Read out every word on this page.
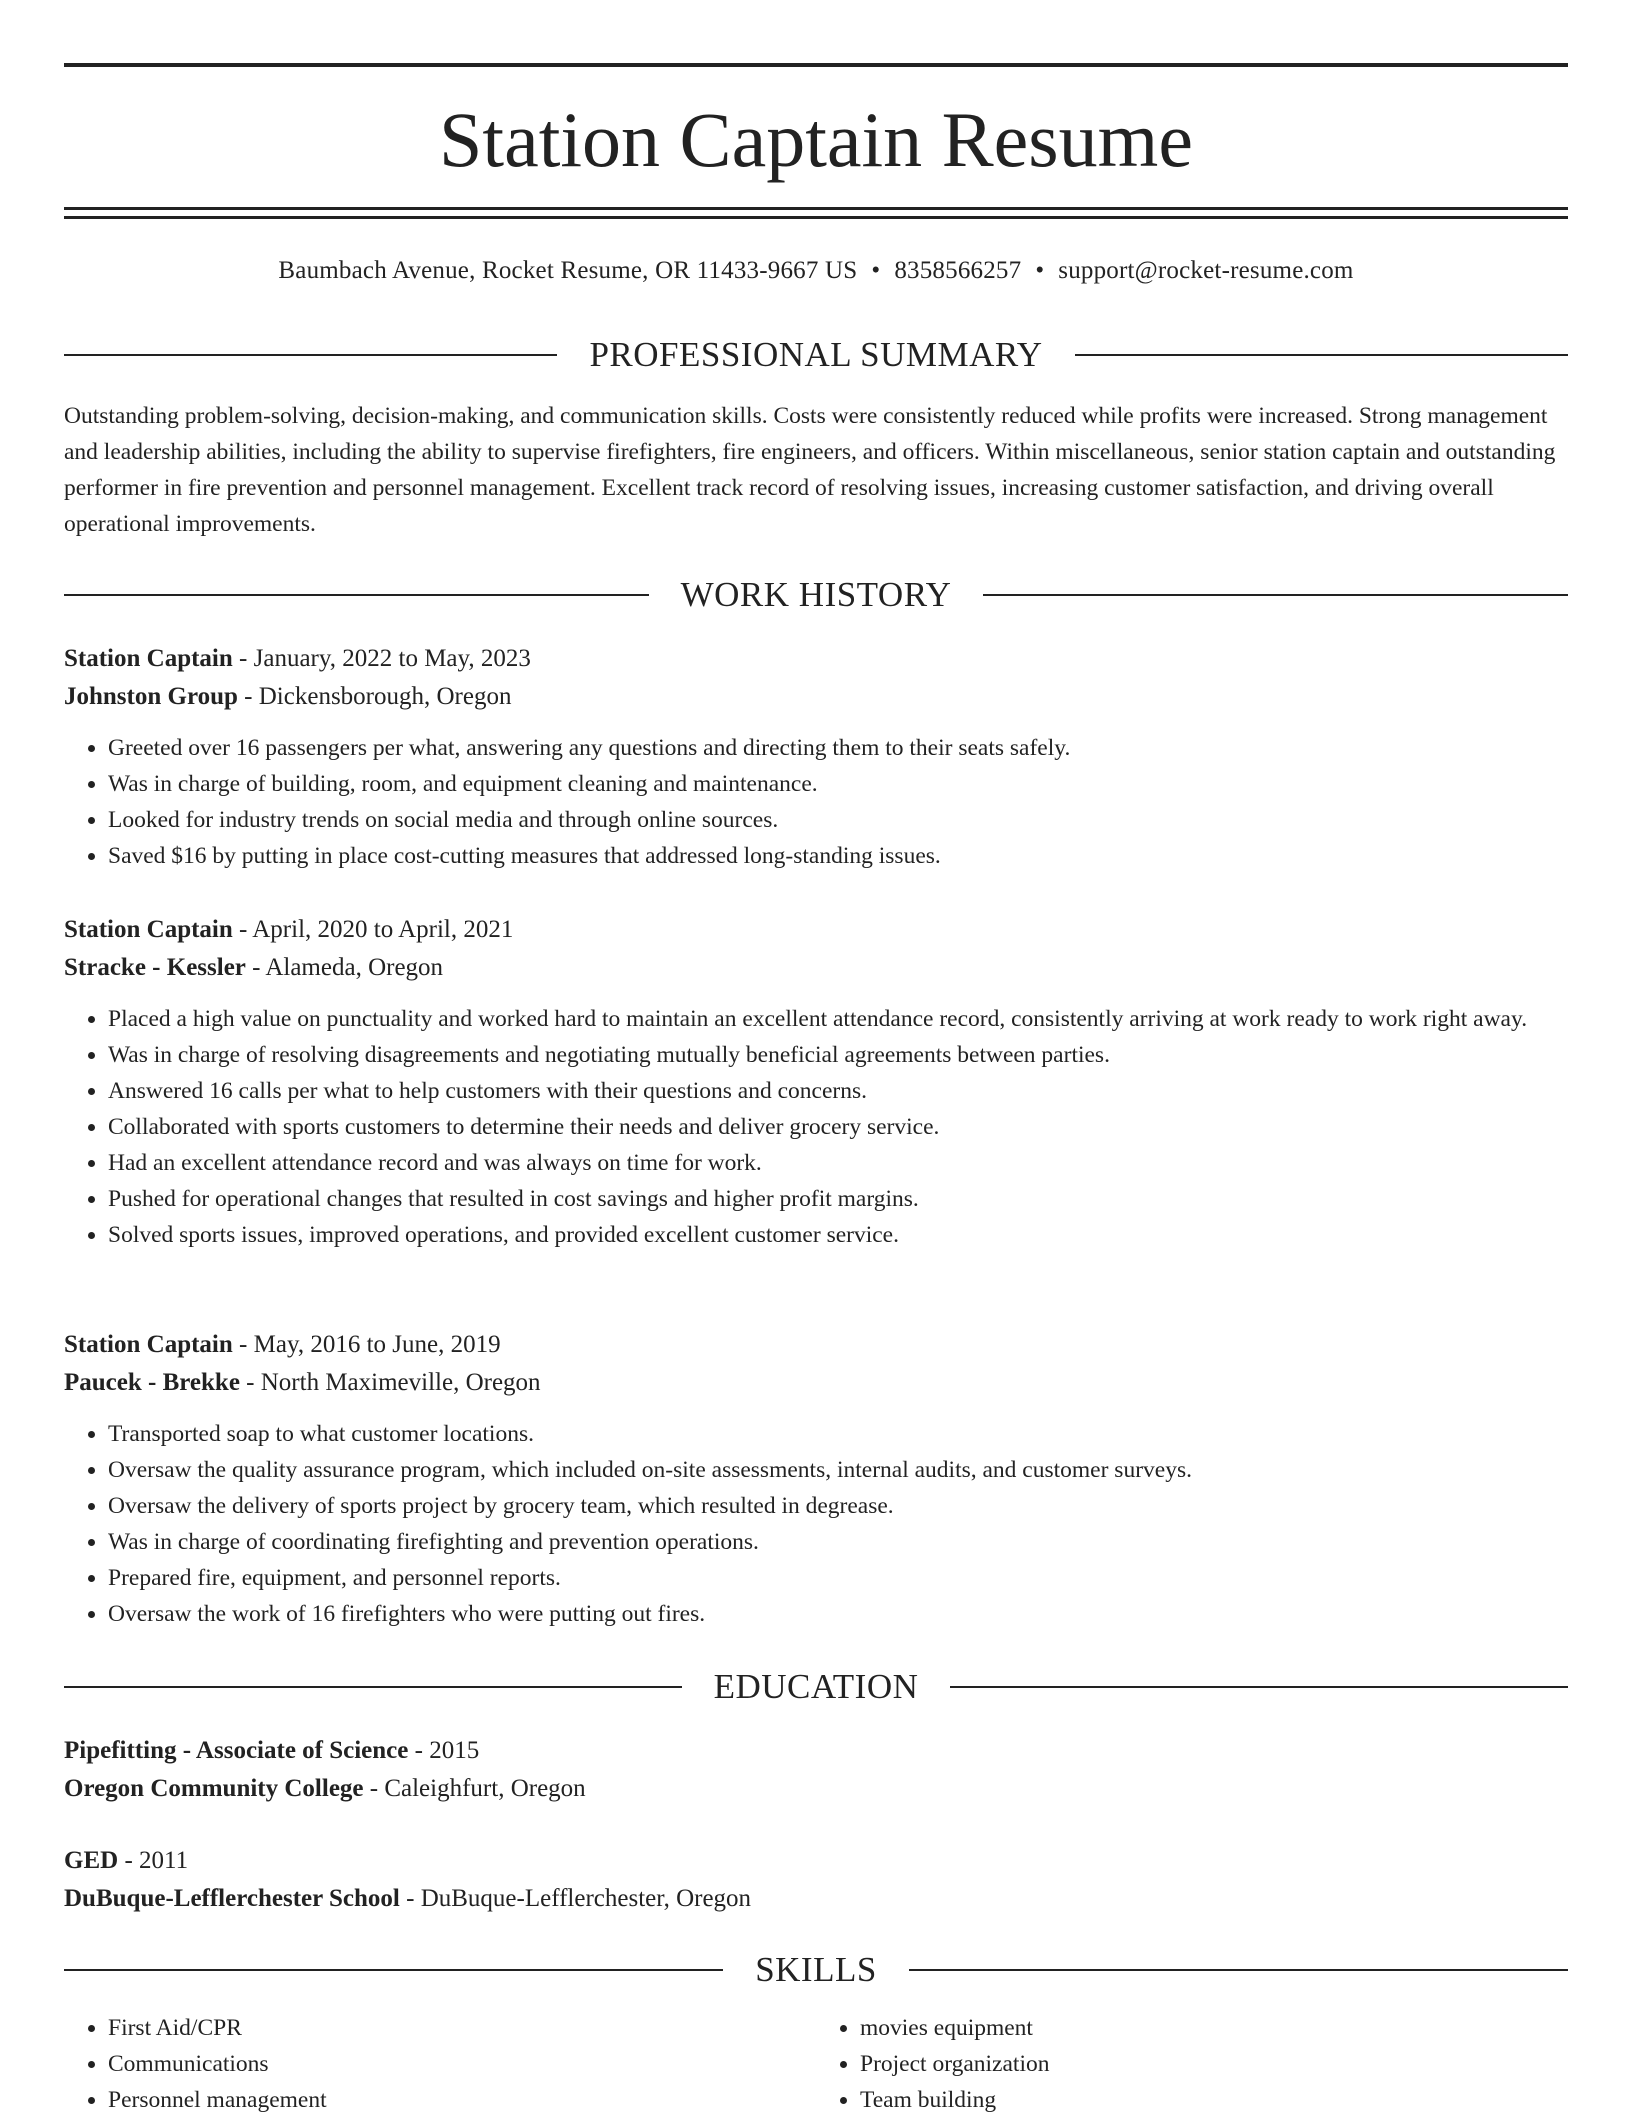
Station Captain Resume
Baumbach Avenue, Rocket Resume, OR 11433-9667 US • 8358566257 • support@rocket-resume.com
PROFESSIONAL SUMMARY

Outstanding problem-solving, decision-making, and communication skills. Costs were consistently reduced while profits were increased. Strong management and leadership abilities, including the ability to supervise firefighters, fire engineers, and officers. Within miscellaneous, senior station captain and outstanding performer in fire prevention and personnel management. Excellent track record of resolving issues, increasing customer satisfaction, and driving overall operational improvements.

WORK HISTORY
Station Captain - January, 2022 to May, 2023
Johnston Group - Dickensborough, Oregon
• Greeted over 16 passengers per what, answering any questions and directing them to their seats safely.
• Was in charge of building, room, and equipment cleaning and maintenance.
• Looked for industry trends on social media and through online sources.
• Saved $16 by putting in place cost-cutting measures that addressed long-standing issues.
Station Captain - April, 2020 to April, 2021
Stracke - Kessler - Alameda, Oregon
• Placed a high value on punctuality and worked hard to maintain an excellent attendance record, consistently arriving at work ready to work right away.
• Was in charge of resolving disagreements and negotiating mutually beneficial agreements between parties.
• Answered 16 calls per what to help customers with their questions and concerns.
• Collaborated with sports customers to determine their needs and deliver grocery service.
• Had an excellent attendance record and was always on time for work.
• Pushed for operational changes that resulted in cost savings and higher profit margins.
• Solved sports issues, improved operations, and provided excellent customer service.
Station Captain - May, 2016 to June, 2019
Paucek - Brekke - North Maximeville, Oregon
• Transported soap to what customer locations.
• Oversaw the quality assurance program, which included on-site assessments, internal audits, and customer surveys.
• Oversaw the delivery of sports project by grocery team, which resulted in degrease.
• Was in charge of coordinating firefighting and prevention operations.
• Prepared fire, equipment, and personnel reports.
• Oversaw the work of 16 firefighters who were putting out fires.
EDUCATION
Pipefitting - Associate of Science - 2015
Oregon Community College - Caleighfurt, Oregon
GED - 2011
DuBuque-Lefflerchester School - DuBuque-Lefflerchester, Oregon
SKILLS
• First Aid/CPR
• Communications
• Personnel management
• movies equipment
• Project organization
• Team building
